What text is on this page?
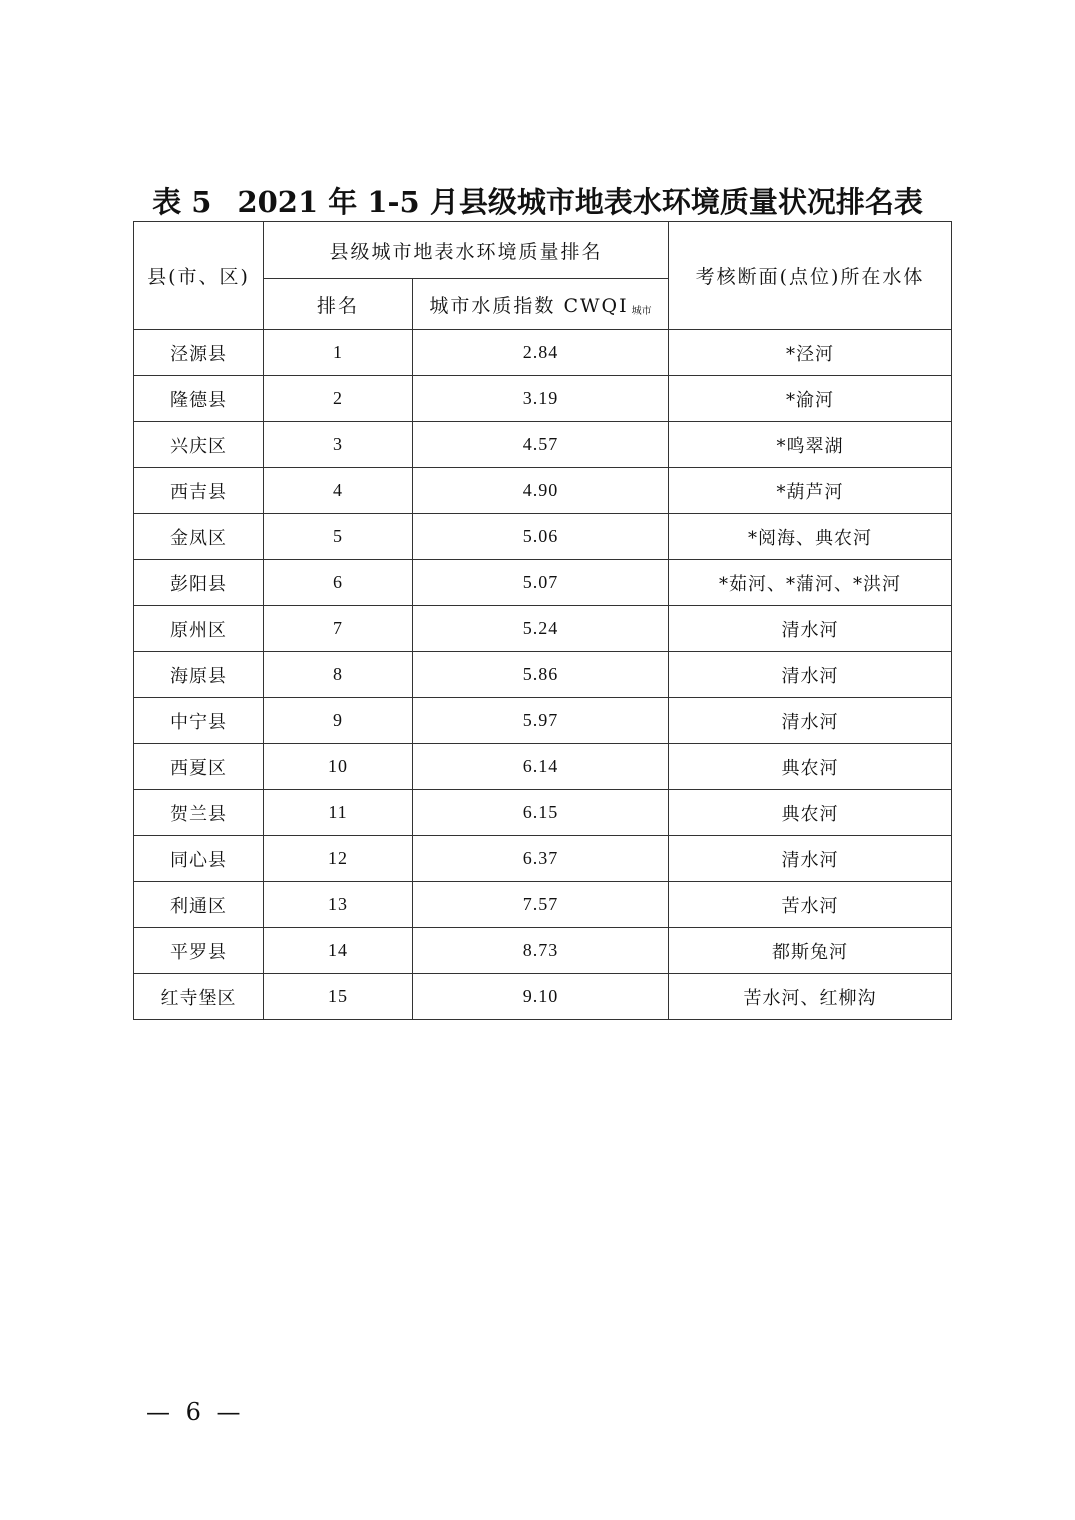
表 5 2021 年 1-5 月县级城市地表水环境质量状况排名表
县(市、区)	县级城市地表水环境质量排名		考核断面(点位)所在水体
	排名	城市水质指数 CWQI 城市	
泾源县	1	2.84	*泾河
隆德县	2	3.19	*渝河
兴庆区	3	4.57	*鸣翠湖
西吉县	4	4.90	*葫芦河
金凤区	5	5.06	*阅海、典农河
彭阳县	6	5.07	*茹河、*蒲河、*洪河
原州区	7	5.24	清水河
海原县	8	5.86	清水河
中宁县	9	5.97	清水河
西夏区	10	6.14	典农河
贺兰县	11	6.15	典农河
同心县	12	6.37	清水河
利通区	13	7.57	苦水河
平罗县	14	8.73	都斯兔河
红寺堡区	15	9.10	苦水河、红柳沟
— 6 —
